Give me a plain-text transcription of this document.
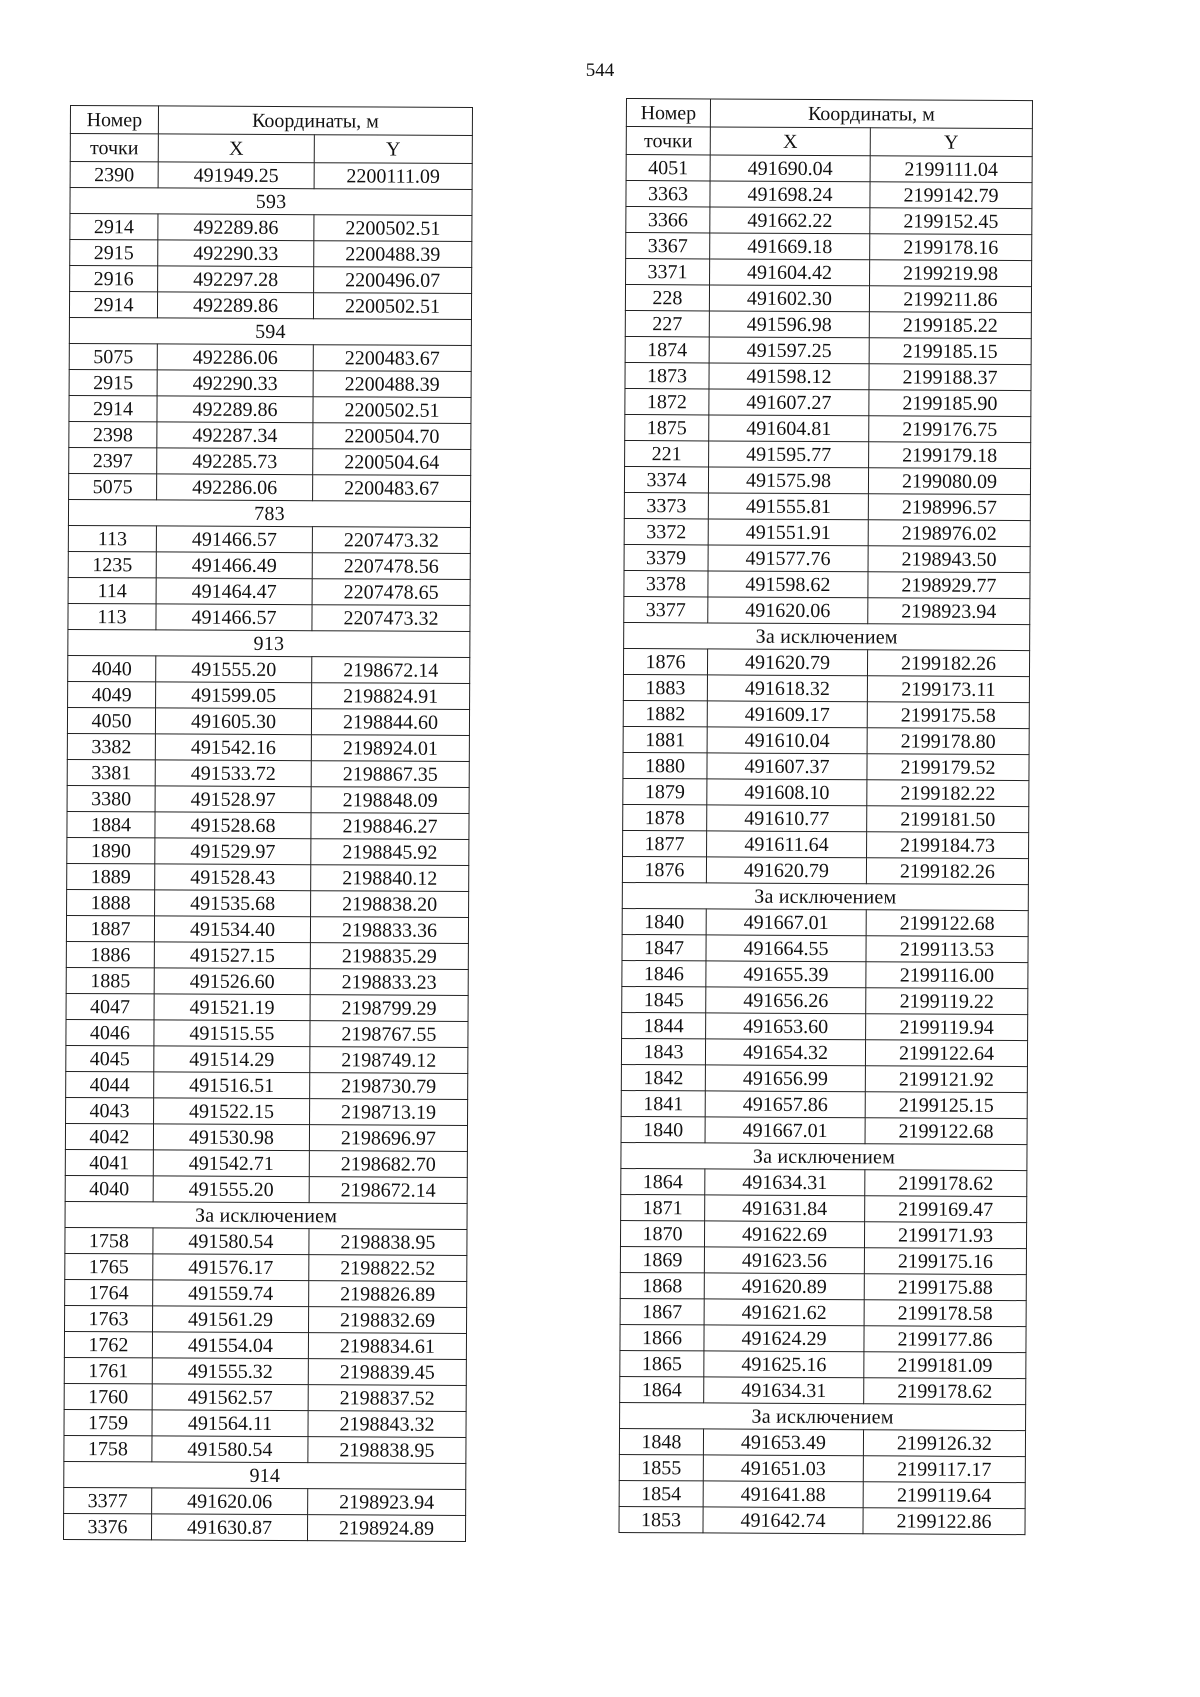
544
Номер	Координаты, м	
точки	X	Y
2390	491949.25	2200111.09
593		
2914	492289.86	2200502.51
2915	492290.33	2200488.39
2916	492297.28	2200496.07
2914	492289.86	2200502.51
594		
5075	492286.06	2200483.67
2915	492290.33	2200488.39
2914	492289.86	2200502.51
2398	492287.34	2200504.70
2397	492285.73	2200504.64
5075	492286.06	2200483.67
783		
113	491466.57	2207473.32
1235	491466.49	2207478.56
114	491464.47	2207478.65
113	491466.57	2207473.32
913		
4040	491555.20	2198672.14
4049	491599.05	2198824.91
4050	491605.30	2198844.60
3382	491542.16	2198924.01
3381	491533.72	2198867.35
3380	491528.97	2198848.09
1884	491528.68	2198846.27
1890	491529.97	2198845.92
1889	491528.43	2198840.12
1888	491535.68	2198838.20
1887	491534.40	2198833.36
1886	491527.15	2198835.29
1885	491526.60	2198833.23
4047	491521.19	2198799.29
4046	491515.55	2198767.55
4045	491514.29	2198749.12
4044	491516.51	2198730.79
4043	491522.15	2198713.19
4042	491530.98	2198696.97
4041	491542.71	2198682.70
4040	491555.20	2198672.14
За исключением		
1758	491580.54	2198838.95
1765	491576.17	2198822.52
1764	491559.74	2198826.89
1763	491561.29	2198832.69
1762	491554.04	2198834.61
1761	491555.32	2198839.45
1760	491562.57	2198837.52
1759	491564.11	2198843.32
1758	491580.54	2198838.95
914		
3377	491620.06	2198923.94
3376	491630.87	2198924.89
Номер	Координаты, м	
точки	X	Y
4051	491690.04	2199111.04
3363	491698.24	2199142.79
3366	491662.22	2199152.45
3367	491669.18	2199178.16
3371	491604.42	2199219.98
228	491602.30	2199211.86
227	491596.98	2199185.22
1874	491597.25	2199185.15
1873	491598.12	2199188.37
1872	491607.27	2199185.90
1875	491604.81	2199176.75
221	491595.77	2199179.18
3374	491575.98	2199080.09
3373	491555.81	2198996.57
3372	491551.91	2198976.02
3379	491577.76	2198943.50
3378	491598.62	2198929.77
3377	491620.06	2198923.94
За исключением		
1876	491620.79	2199182.26
1883	491618.32	2199173.11
1882	491609.17	2199175.58
1881	491610.04	2199178.80
1880	491607.37	2199179.52
1879	491608.10	2199182.22
1878	491610.77	2199181.50
1877	491611.64	2199184.73
1876	491620.79	2199182.26
За исключением		
1840	491667.01	2199122.68
1847	491664.55	2199113.53
1846	491655.39	2199116.00
1845	491656.26	2199119.22
1844	491653.60	2199119.94
1843	491654.32	2199122.64
1842	491656.99	2199121.92
1841	491657.86	2199125.15
1840	491667.01	2199122.68
За исключением		
1864	491634.31	2199178.62
1871	491631.84	2199169.47
1870	491622.69	2199171.93
1869	491623.56	2199175.16
1868	491620.89	2199175.88
1867	491621.62	2199178.58
1866	491624.29	2199177.86
1865	491625.16	2199181.09
1864	491634.31	2199178.62
За исключением		
1848	491653.49	2199126.32
1855	491651.03	2199117.17
1854	491641.88	2199119.64
1853	491642.74	2199122.86
